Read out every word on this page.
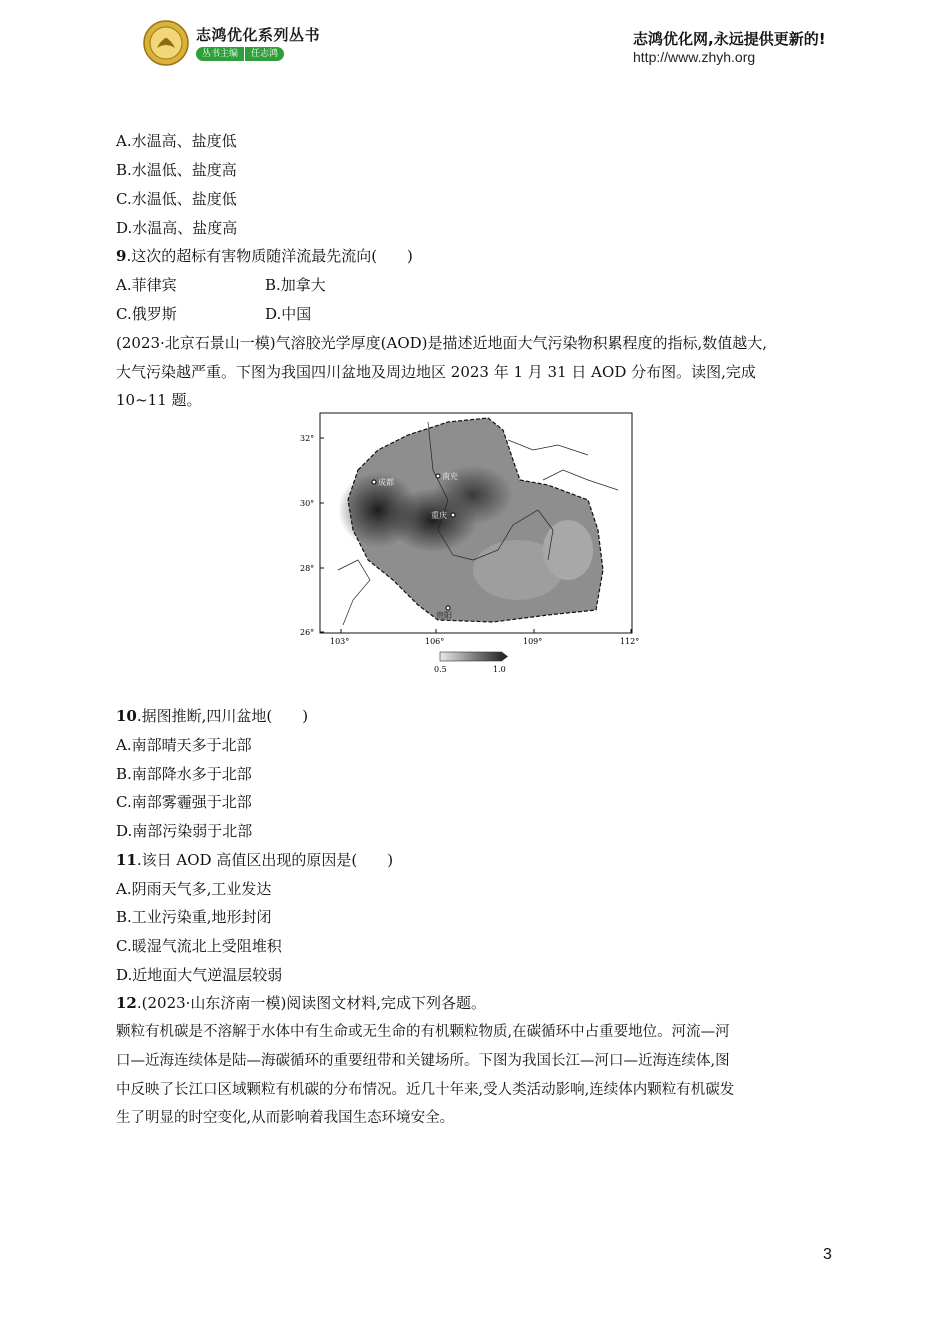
志鸿优化系列丛书
丛书主编	任志鸿
志鸿优化网,永远提供更新的!
http://www.zhyh.org
A.水温高、盐度低
B.水温低、盐度高
C.水温低、盐度低
D.水温高、盐度高
9.这次的超标有害物质随洋流最先流向(　　)
A.菲律宾	B.加拿大
C.俄罗斯	D.中国
(2023·北京石景山一模)气溶胶光学厚度(AOD)是描述近地面大气污染物积累程度的指标,数值越大,
大气污染越严重。下图为我国四川盆地及周边地区 2023 年 1 月 31 日 AOD 分布图。读图,完成
10~11 题。
32°
30°
28°
26°
103°	106°	109°	112°
成都
南充
重庆
贵阳
0.5	1.0
10.据图推断,四川盆地(　　)
A.南部晴天多于北部
B.南部降水多于北部
C.南部雾霾强于北部
D.南部污染弱于北部
11.该日 AOD 高值区出现的原因是(　　)
A.阴雨天气多,工业发达
B.工业污染重,地形封闭
C.暖湿气流北上受阻堆积
D.近地面大气逆温层较弱
12.(2023·山东济南一模)阅读图文材料,完成下列各题。
颗粒有机碳是不溶解于水体中有生命或无生命的有机颗粒物质,在碳循环中占重要地位。河流—河
口—近海连续体是陆—海碳循环的重要纽带和关键场所。下图为我国长江—河口—近海连续体,图
中反映了长江口区域颗粒有机碳的分布情况。近几十年来,受人类活动影响,连续体内颗粒有机碳发
生了明显的时空变化,从而影响着我国生态环境安全。
3
